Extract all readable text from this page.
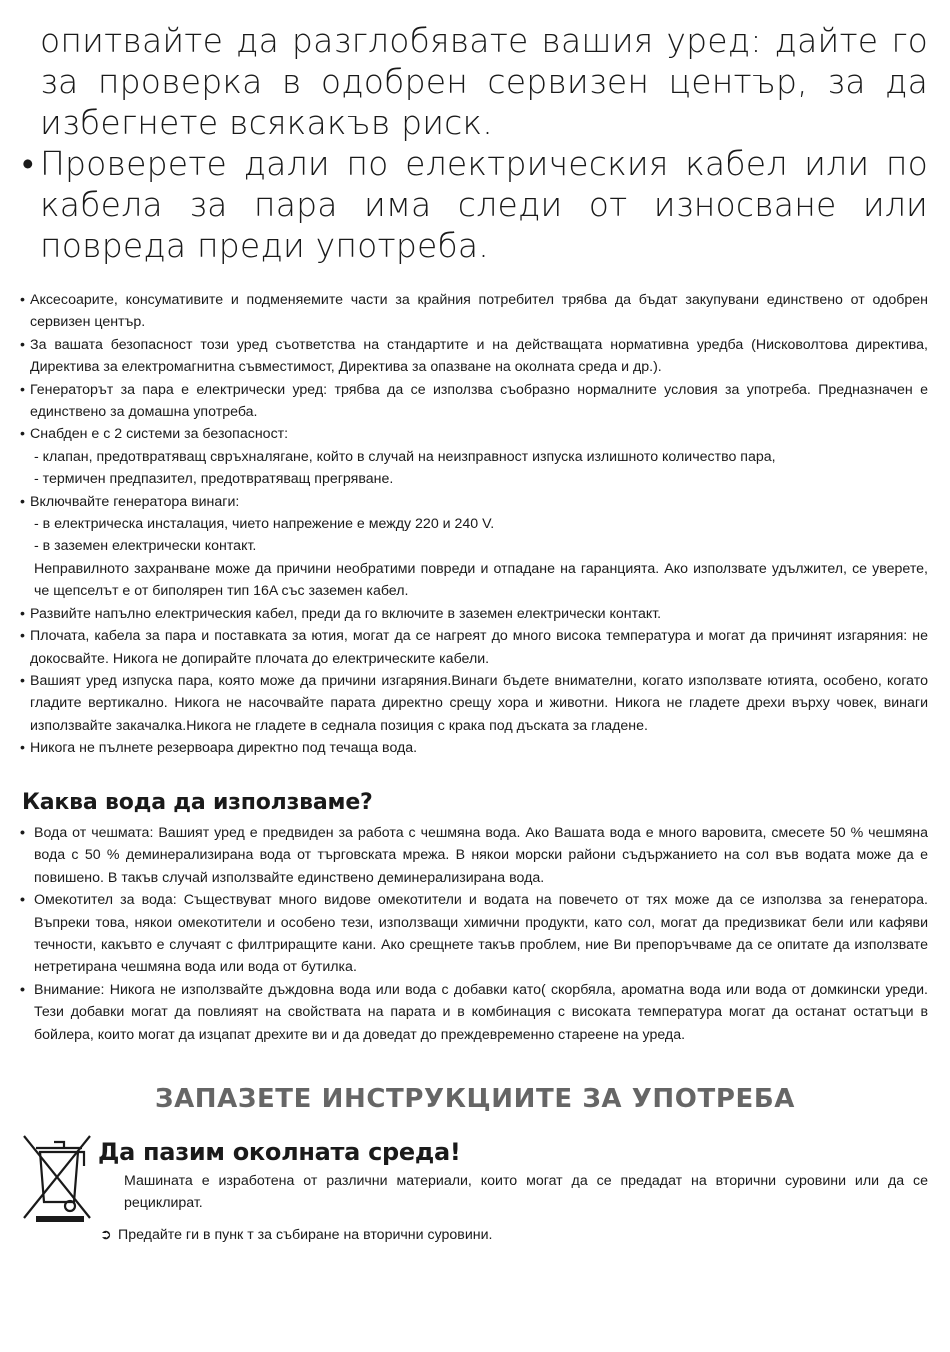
опитвайте да разглобявате вашия уред: дайте го за проверка в одобрен сервизен център, за да избегнете всякакъв риск.
• Проверете дали по електрическия кабел или по кабела за пара има следи от износване или повреда преди употреба.
• Аксесоарите, консумативите и подменяемите части за крайния потребител трябва да бъдат закупувани единствено от одобрен сервизен център.
• За вашата безопасност този уред съответства на стандартите и на действащата нормативна уредба (Нисковолтова директива, Директива за електромагнитна съвместимост, Директива за опазване на околната среда и др.).
• Генераторът за пара е електрически уред: трябва да се използва съобразно нормалните условия за употреба. Предназначен е единствено за домашна употреба.
• Снабден е с 2 системи за безопасност:
- клапан, предотвратяващ свръхналягане, който в случай на неизправност изпуска излишното количество пара,
- термичен предпазител, предотвратяващ прегряване.
• Включвайте генератора винаги:
- в електрическа инсталация, чието напрежение е между 220 и 240 V.
- в заземен електрически контакт.
Неправилното захранване може да причини необратими повреди и отпадане на гаранцията. Ако използвате удължител, се уверете, че щепселът е от биполярен тип 16A със заземен кабел.
• Развийте напълно електрическия кабел, преди да го включите в заземен електрически контакт.
• Плочата, кабела за пара и поставката за ютия, могат да се нагреят до много висока температура и могат да причинят изгаряния: не докосвайте. Никога не допирайте плочата до електрическите кабели.
• Вашият уред изпуска пара, която може да причини изгаряния.Винаги бъдете внимателни, когато използвате ютията, особено, когато гладите вертикално. Никога не насочвайте парата директно срещу хора и животни. Никога не гладете дрехи върху човек, винаги използвайте закачалка.Никога не гладете в седнала позиция с крака под дъската за гладене.
• Никога не пълнете резервоара директно под течаща вода.
Каква вода да използваме?
• Вода от чешмата: Вашият уред е предвиден за работа с чешмяна вода. Ако Вашата вода е много варовита, смесете 50 % чешмяна вода с 50 % деминерализирана вода от търговската мрежа. В някои морски райони съдържанието на сол във водата може да е повишено. В такъв случай използвайте единствено деминерализирана вода.
• Омекотител за вода: Съществуват много видове омекотители и водата на повечето от тях може да се използва за генератора. Въпреки това, някои омекотители и особено тези, използващи химични продукти, като сол, могат да предизвикат бели или кафяви течности, какъвто е случаят с филтриращите кани. Ако срещнете такъв проблем, ние Ви препоръчваме да се опитате да използвате нетретирана чешмяна вода или вода от бутилка.
• Внимание: Никога не използвайте дъждовна вода или вода с добавки като( скорбяла, ароматна вода или вода от домкински уреди. Тези добавки могат да повлияят на свойствата на парата и в комбинация с високата температура могат да останат остатъци в бойлера, които могат да изцапат дрехите ви и да доведат до преждевременно стареене на уреда.
ЗАПАЗЕТЕ ИНСТРУКЦИИТЕ ЗА УПОТРЕБА
Да пазим околната среда!
Машината е изработена от различни материали, които могат да се предадат на вторични суровини или да се рециклират.
➲ Предайте ги в пунк т за събиране на вторични суровини.
